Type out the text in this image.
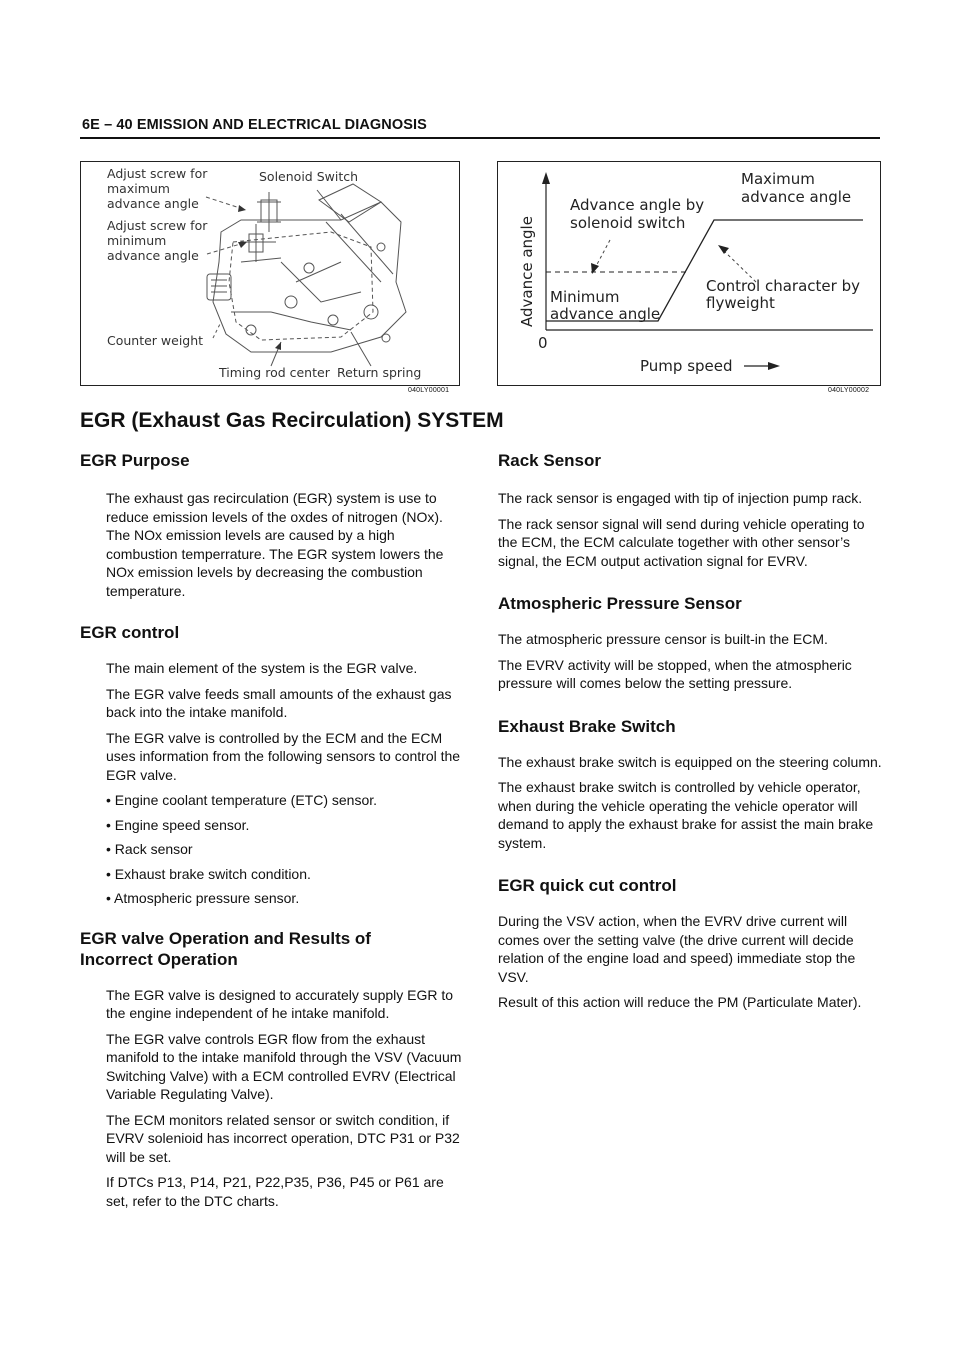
6E – 40 EMISSION AND ELECTRICAL DIAGNOSIS
Adjust screw for maximum advance angle
Adjust screw for minimum advance angle
Solenoid Switch
Counter weight
Timing rod center Return spring
040LY00001
Advance angle
0
Pump speed
Maximum advance angle
Advance angle by solenoid switch
Control character by flyweight
Minimum advance angle
040LY00002
EGR (Exhaust Gas Recirculation) SYSTEM
EGR Purpose

The exhaust gas recirculation (EGR) system is use to reduce emission levels of the oxdes of nitrogen (NOx). The NOx emission levels are caused by a high combustion temperrature. The EGR system lowers the NOx emission levels by decreasing the combustion temperature.

EGR control

The main element of the system is the EGR valve.

The EGR valve feeds small amounts of the exhaust gas back into the intake manifold.

The EGR valve is controlled by the ECM and the ECM uses information from the following sensors to control the EGR valve.

• Engine coolant temperature (ETC) sensor.

• Engine speed sensor.

• Rack sensor

• Exhaust brake switch condition.

• Atmospheric pressure sensor.

EGR valve Operation and Results of
Incorrect Operation

The EGR valve is designed to accurately supply EGR to the engine independent of he intake manifold.

The EGR valve controls EGR flow from the exhaust manifold to the intake manifold through the VSV (Vacuum Switching Valve) with a ECM controlled EVRV (Electrical Variable Regulating Valve).

The ECM monitors related sensor or switch condition, if EVRV solenioid has incorrect operation, DTC P31 or P32 will be set.

If DTCs P13, P14, P21, P22,P35, P36, P45 or P61 are set, refer to the DTC charts.

Rack Sensor

The rack sensor is engaged with tip of injection pump rack.

The rack sensor signal will send during vehicle operating to the ECM, the ECM calculate together with other sensor’s signal, the ECM output activation signal for EVRV.

Atmospheric Pressure Sensor

The atmospheric pressure censor is built-in the ECM.

The EVRV activity will be stopped, when the atmospheric pressure will comes below the setting pressure.

Exhaust Brake Switch

The exhaust brake switch is equipped on the steering column.

The exhaust brake switch is controlled by vehicle operator, when during the vehicle operating the vehicle operator will demand to apply the exhaust brake for assist the main brake system.

EGR quick cut control

During the VSV action, when the EVRV drive current will comes over the setting valve (the drive current will decide relation of the engine load and speed) immediate stop the VSV.

Result of this action will reduce the PM (Particulate Mater).
